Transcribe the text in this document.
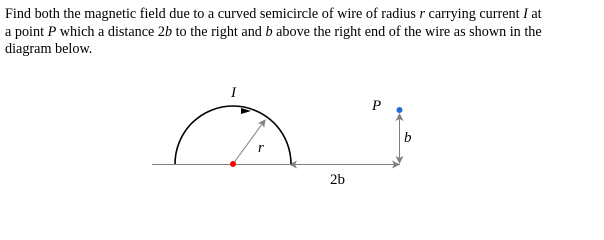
Find both the magnetic field due to a curved semicircle of wire of radius r carrying current I at
a point P which a distance 2b to the right and b above the right end of the wire as shown in the
diagram below.
I
r
P
b
2b
